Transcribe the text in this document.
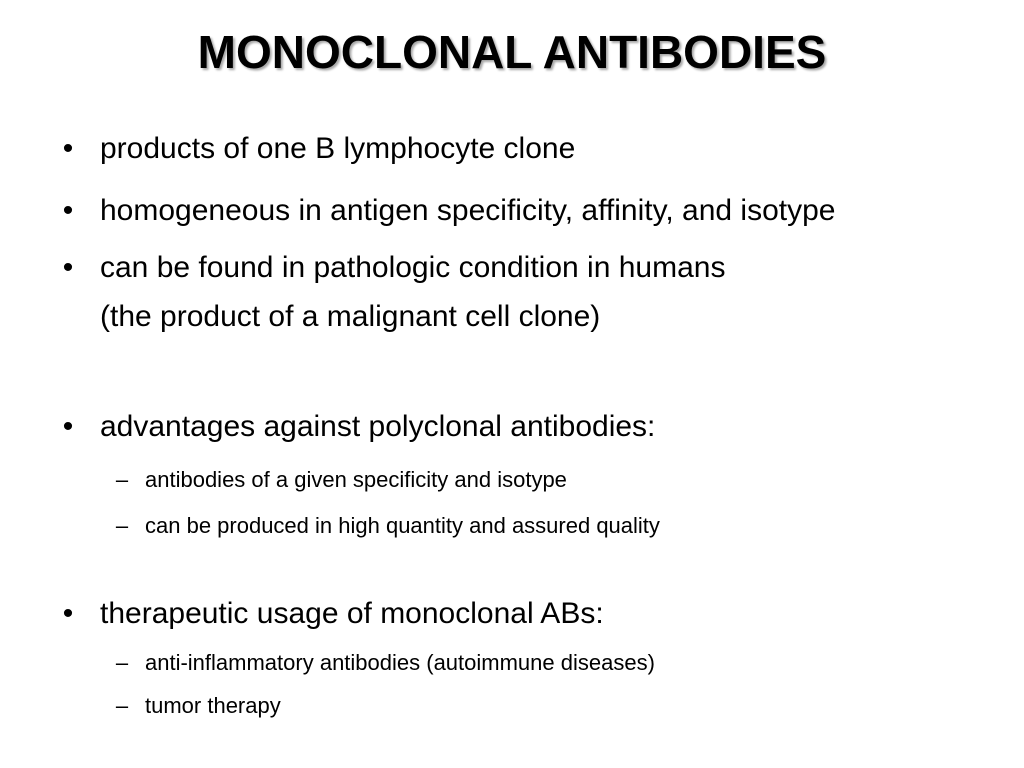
MONOCLONAL ANTIBODIES
• products of one B lymphocyte clone
• homogeneous in antigen specificity, affinity, and isotype
• can be found in pathologic condition in humans
(the product of a malignant cell clone)
• advantages against polyclonal antibodies:
– antibodies of a given specificity and isotype
– can be produced in high quantity and assured quality
• therapeutic usage of monoclonal ABs:
– anti-inflammatory antibodies (autoimmune diseases)
– tumor therapy
